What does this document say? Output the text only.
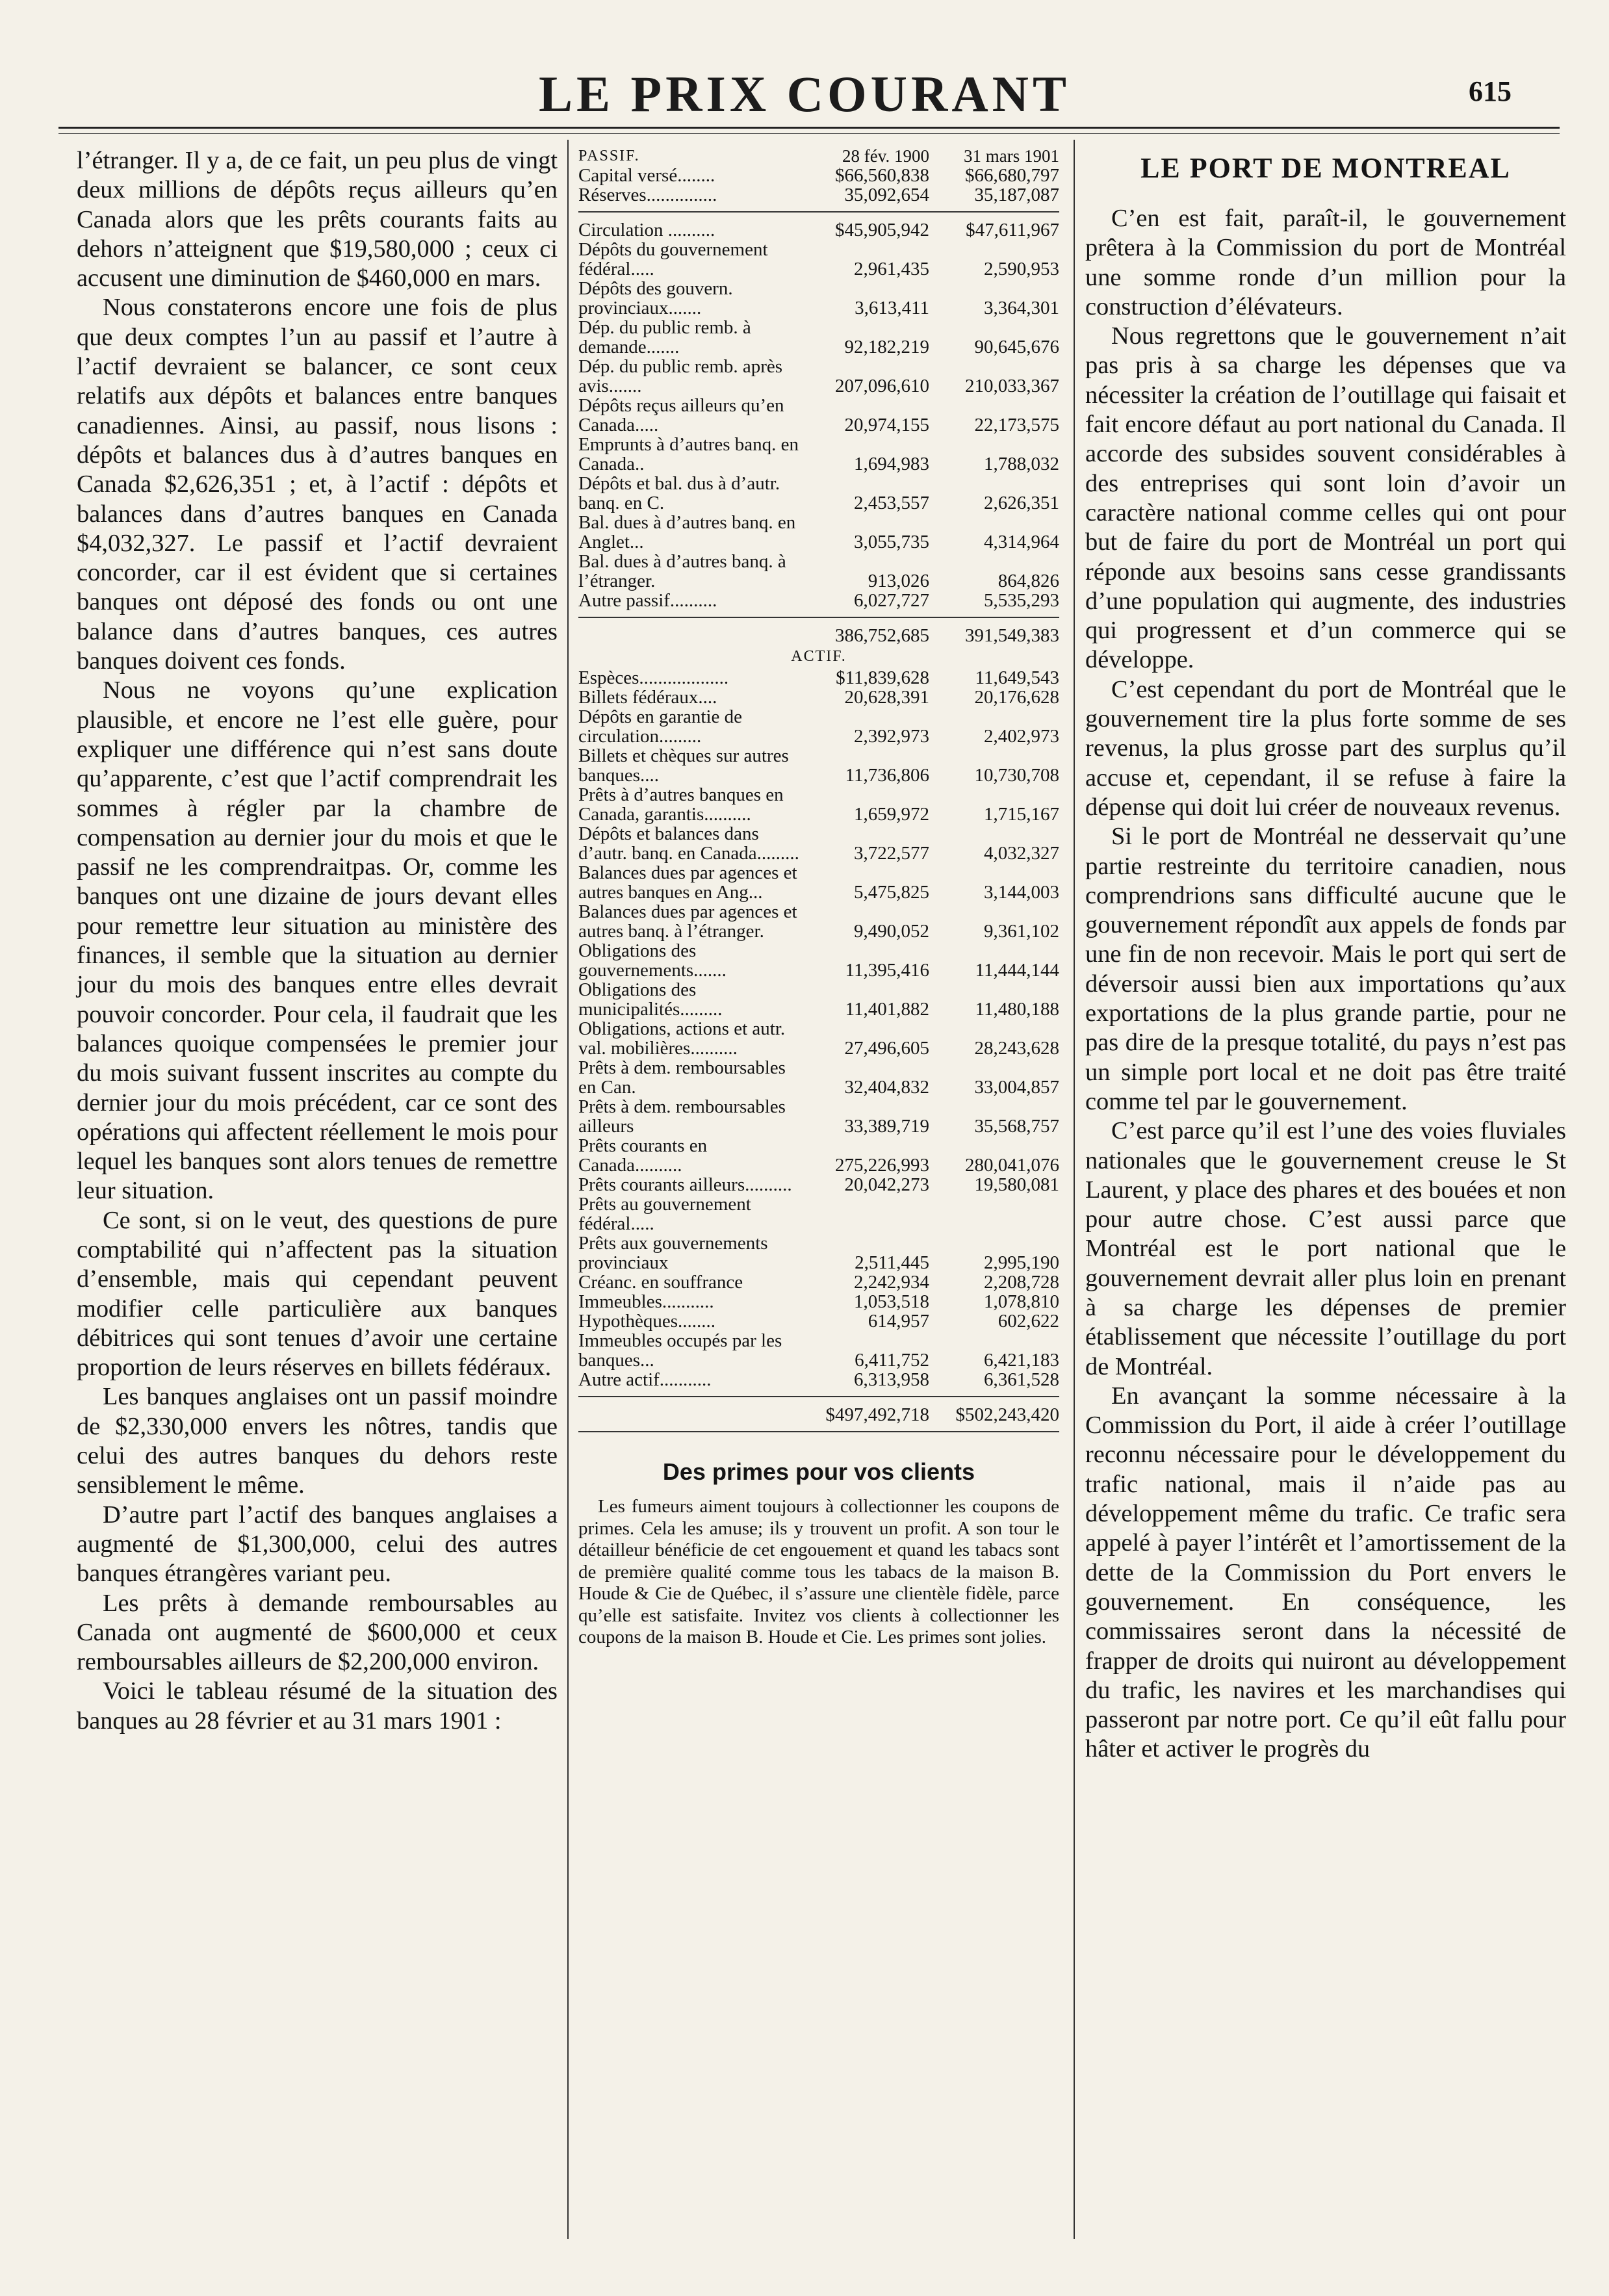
LE PRIX COURANT	615

l’étranger. Il y a, de ce fait, un peu plus de vingt deux millions de dépôts reçus ailleurs qu’en Canada alors que les prêts courants faits au dehors n’atteignent que $19,580,000 ; ceux ci accusent une diminution de $460,000 en mars.

Nous constaterons encore une fois de plus que deux comptes l’un au passif et l’autre à l’actif devraient se balancer, ce sont ceux relatifs aux dépôts et balances entre banques canadiennes. Ainsi, au passif, nous lisons : dépôts et balances dus à d’autres banques en Canada $2,626,351 ; et, à l’actif : dépôts et balances dans d’autres banques en Canada $4,032,327. Le passif et l’actif devraient concorder, car il est évident que si certaines banques ont déposé des fonds ou ont une balance dans d’autres banques, ces autres banques doivent ces fonds.

Nous ne voyons qu’une explication plausible, et encore ne l’est elle guère, pour expliquer une différence qui n’est sans doute qu’apparente, c’est que l’actif comprendrait les sommes à régler par la chambre de compensation au dernier jour du mois et que le passif ne les comprendraitpas. Or, comme les banques ont une dizaine de jours devant elles pour remettre leur situation au ministère des finances, il semble que la situation au dernier jour du mois des banques entre elles devrait pouvoir concorder. Pour cela, il faudrait que les balances quoique compensées le premier jour du mois suivant fussent inscrites au compte du dernier jour du mois précédent, car ce sont des opérations qui affectent réellement le mois pour lequel les banques sont alors tenues de remettre leur situation.

Ce sont, si on le veut, des questions de pure comptabilité qui n’affectent pas la situation d’ensemble, mais qui cependant peuvent modifier celle particulière aux banques débitrices qui sont tenues d’avoir une certaine proportion de leurs réserves en billets fédéraux.

Les banques anglaises ont un passif moindre de $2,330,000 envers les nôtres, tandis que celui des autres banques du dehors reste sensiblement le même.

D’autre part l’actif des banques anglaises a augmenté de $1,300,000, celui des autres banques étrangères variant peu.

Les prêts à demande remboursables au Canada ont augmenté de $600,000 et ceux remboursables ailleurs de $2,200,000 environ.

Voici le tableau résumé de la situation des banques au 28 février et au 31 mars 1901 :

PASSIF.	28 fév. 1900	31 mars 1901
Capital versé........	$66,560,838	$66,680,797
Réserves...............	35,092,654	35,187,087
Circulation ..........	$45,905,942	$47,611,967
Dépôts du gouvernement fédéral.....	2,961,435	2,590,953
Dépôts des gouvern. provinciaux.......	3,613,411	3,364,301
Dép. du public remb. à demande.......	92,182,219	90,645,676
Dép. du public remb. après avis.......	207,096,610	210,033,367
Dépôts reçus ailleurs qu’en Canada.....	20,974,155	22,173,575
Emprunts à d’autres banq. en Canada..	1,694,983	1,788,032
Dépôts et bal. dus à d’autr. banq. en C.	2,453,557	2,626,351
Bal. dues à d’autres banq. en Anglet...	3,055,735	4,314,964
Bal. dues à d’autres banq. à l’étranger.	913,026	864,826
Autre passif..........	6,027,727	5,535,293
	386,752,685	391,549,383
ACTIF.
Espèces...................	$11,839,628	11,649,543
Billets fédéraux....	20,628,391	20,176,628
Dépôts en garantie de circulation.........	2,392,973	2,402,973
Billets et chèques sur autres banques....	11,736,806	10,730,708
Prêts à d’autres banques en Canada, garantis..........	1,659,972	1,715,167
Dépôts et balances dans d’autr. banq. en Canada.........	3,722,577	4,032,327
Balances dues par agences et autres banques en Ang...	5,475,825	3,144,003
Balances dues par agences et autres banq. à l’étranger.	9,490,052	9,361,102
Obligations des gouvernements.......	11,395,416	11,444,144
Obligations des municipalités.........	11,401,882	11,480,188
Obligations, actions et autr. val. mobilières..........	27,496,605	28,243,628
Prêts à dem. remboursables en Can.	32,404,832	33,004,857
Prêts à dem. remboursables ailleurs	33,389,719	35,568,757
Prêts courants en Canada..........	275,226,993	280,041,076
Prêts courants ailleurs..........	20,042,273	19,580,081
Prêts au gouvernement fédéral.....		
Prêts aux gouvernements provinciaux	2,511,445	2,995,190
Créanc. en souffrance	2,242,934	2,208,728
Immeubles...........	1,053,518	1,078,810
Hypothèques........	614,957	602,622
Immeubles occupés par les banques...	6,411,752	6,421,183
Autre actif...........	6,313,958	6,361,528
	$497,492,718	$502,243,420
Des primes pour vos clients

Les fumeurs aiment toujours à collectionner les coupons de primes. Cela les amuse; ils y trouvent un profit. A son tour le détailleur bénéficie de cet engouement et quand les tabacs sont de première qualité comme tous les tabacs de la maison B. Houde & Cie de Québec, il s’assure une clientèle fidèle, parce qu’elle est satisfaite. Invitez vos clients à collectionner les coupons de la maison B. Houde et Cie. Les primes sont jolies.

LE PORT DE MONTREAL

C’en est fait, paraît-il, le gouvernement prêtera à la Commission du port de Montréal une somme ronde d’un million pour la construction d’élévateurs.

Nous regrettons que le gouvernement n’ait pas pris à sa charge les dépenses que va nécessiter la création de l’outillage qui faisait et fait encore défaut au port national du Canada. Il accorde des subsides souvent considérables à des entreprises qui sont loin d’avoir un caractère national comme celles qui ont pour but de faire du port de Montréal un port qui réponde aux besoins sans cesse grandissants d’une population qui augmente, des industries qui progressent et d’un commerce qui se développe.

C’est cependant du port de Montréal que le gouvernement tire la plus forte somme de ses revenus, la plus grosse part des surplus qu’il accuse et, cependant, il se refuse à faire la dépense qui doit lui créer de nouveaux revenus.

Si le port de Montréal ne desservait qu’une partie restreinte du territoire canadien, nous comprendrions sans difficulté aucune que le gouvernement répondît aux appels de fonds par une fin de non recevoir. Mais le port qui sert de déversoir aussi bien aux importations qu’aux exportations de la plus grande partie, pour ne pas dire de la presque totalité, du pays n’est pas un simple port local et ne doit pas être traité comme tel par le gouvernement.

C’est parce qu’il est l’une des voies fluviales nationales que le gouvernement creuse le St Laurent, y place des phares et des bouées et non pour autre chose. C’est aussi parce que Montréal est le port national que le gouvernement devrait aller plus loin en prenant à sa charge les dépenses de premier établissement que nécessite l’outillage du port de Montréal.

En avançant la somme nécessaire à la Commission du Port, il aide à créer l’outillage reconnu nécessaire pour le développement du trafic national, mais il n’aide pas au développement même du trafic. Ce trafic sera appelé à payer l’intérêt et l’amortissement de la dette de la Commission du Port envers le gouvernement. En conséquence, les commissaires seront dans la nécessité de frapper de droits qui nuiront au développement du trafic, les navires et les marchandises qui passeront par notre port. Ce qu’il eût fallu pour hâter et activer le progrès du
